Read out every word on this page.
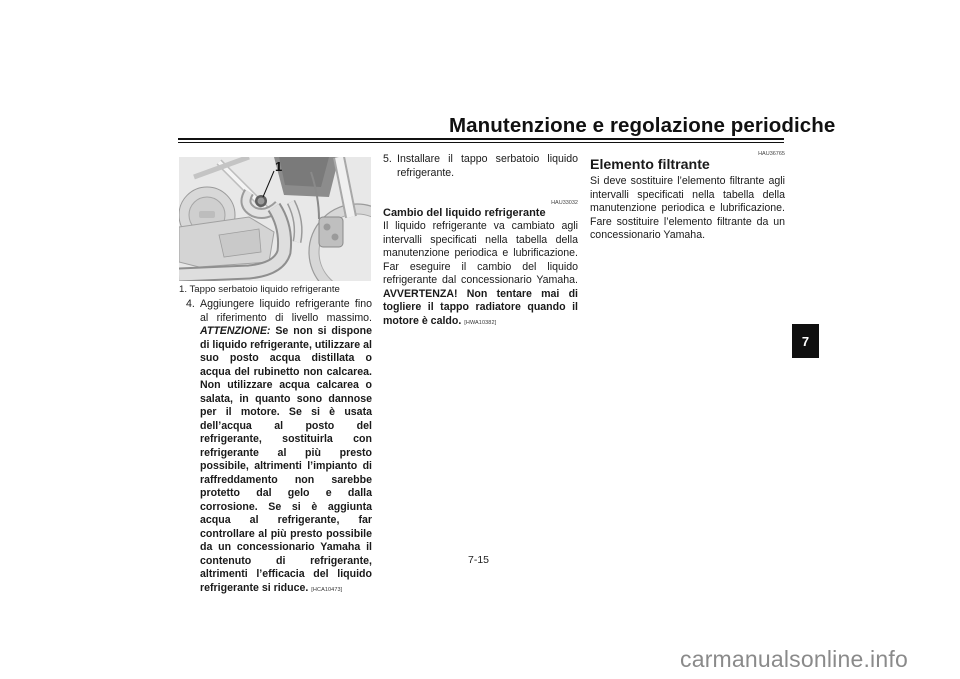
Manutenzione e regolazione periodiche
1
1. Tappo serbatoio liquido refrigerante
4. Aggiungere liquido refrigerante fino al riferimento di livello massimo. ATTENZIONE: Se non si dispone di liquido refrigerante, utilizzare al suo posto acqua distillata o acqua del rubinetto non calcarea. Non utilizzare acqua calcarea o salata, in quanto sono dannose per il motore. Se si è usata dell’acqua al posto del refrigerante, sostituirla con refrigerante al più presto possibile, altrimenti l’impianto di raffreddamento non sarebbe protetto dal gelo e dalla corrosione. Se si è aggiunta acqua al refrigerante, far controllare al più presto possibile da un concessionario Yamaha il contenuto di refrigerante, altrimenti l’efficacia del liquido refrigerante si riduce. [HCA10473]
5. Installare il tappo serbatoio liquido refrigerante.
HAU33032
Cambio del liquido refrigerante
Il liquido refrigerante va cambiato agli intervalli specificati nella tabella della manutenzione periodica e lubrificazione. Far eseguire il cambio del liquido refrigerante dal concessionario Yamaha. AVVERTENZA! Non tentare mai di togliere il tappo radiatore quando il motore è caldo. [HWA10382]
HAU36765
Elemento filtrante
Si deve sostituire l’elemento filtrante agli intervalli specificati nella tabella della manutenzione periodica e lubrificazione. Fare sostituire l’elemento filtrante da un concessionario Yamaha.
7
7-15
carmanualsonline.info
